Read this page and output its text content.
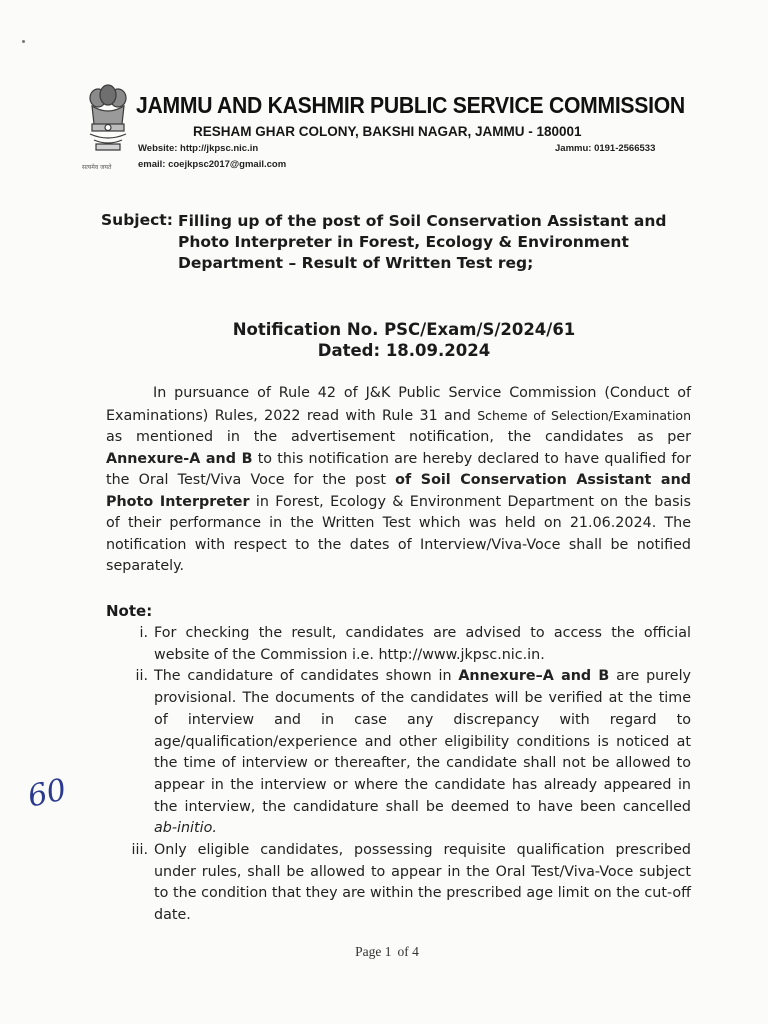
सत्यमेव जयते
JAMMU AND KASHMIR PUBLIC SERVICE COMMISSION
RESHAM GHAR COLONY, BAKSHI NAGAR, JAMMU - 180001
Website: http://jkpsc.nic.in	Jammu: 0191-2566533
email: coejkpsc2017@gmail.com
Subject: Filling up of the post of Soil Conservation Assistant and Photo Interpreter in Forest, Ecology & Environment Department – Result of Written Test reg;

Notification No. PSC/Exam/S/2024/61
Dated: 18.09.2024

In pursuance of Rule 42 of J&K Public Service Commission (Conduct of Examinations) Rules, 2022 read with Rule 31 and Scheme of Selection/Examination as mentioned in the advertisement notification, the candidates as per Annexure-A and B to this notification are hereby declared to have qualified for the Oral Test/Viva Voce for the post of Soil Conservation Assistant and Photo Interpreter in Forest, Ecology & Environment Department on the basis of their performance in the Written Test which was held on 21.06.2024. The notification with respect to the dates of Interview/Viva-Voce shall be notified separately.

Note:
i. For checking the result, candidates are advised to access the official website of the Commission i.e. http://www.jkpsc.nic.in.
ii. The candidature of candidates shown in Annexure–A and B are purely provisional. The documents of the candidates will be verified at the time of interview and in case any discrepancy with regard to age/qualification/experience and other eligibility conditions is noticed at the time of interview or thereafter, the candidate shall not be allowed to appear in the interview or where the candidate has already appeared in the interview, the candidature shall be deemed to have been cancelled ab-initio.
iii. Only eligible candidates, possessing requisite qualification prescribed under rules, shall be allowed to appear in the Oral Test/Viva-Voce subject to the condition that they are within the prescribed age limit on the cut-off date.
60
Page 1 of 4
